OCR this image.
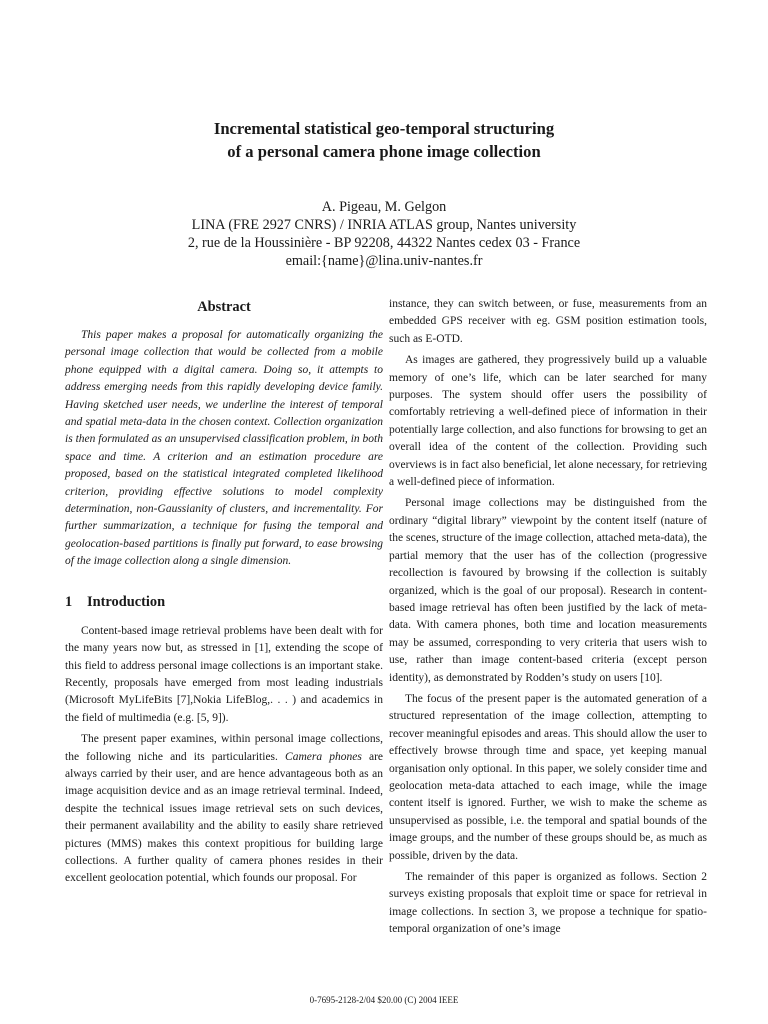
Incremental statistical geo-temporal structuring
of a personal camera phone image collection
A. Pigeau, M. Gelgon
LINA (FRE 2927 CNRS) / INRIA ATLAS group, Nantes university
2, rue de la Houssinière - BP 92208, 44322 Nantes cedex 03 - France
email:{name}@lina.univ-nantes.fr
Abstract

This paper makes a proposal for automatically organizing the personal image collection that would be collected from a mobile phone equipped with a digital camera. Doing so, it attempts to address emerging needs from this rapidly developing device family. Having sketched user needs, we underline the interest of temporal and spatial meta-data in the chosen context. Collection organization is then formulated as an unsupervised classification problem, in both space and time. A criterion and an estimation procedure are proposed, based on the statistical integrated completed likelihood criterion, providing effective solutions to model complexity determination, non-Gaussianity of clusters, and incrementality. For further summarization, a technique for fusing the temporal and geolocation-based partitions is finally put forward, to ease browsing of the image collection along a single dimension.

1 Introduction

Content-based image retrieval problems have been dealt with for the many years now but, as stressed in [1], extending the scope of this field to address personal image collections is an important stake. Recently, proposals have emerged from most leading industrials (Microsoft MyLifeBits [7],Nokia LifeBlog,. . . ) and academics in the field of multimedia (e.g. [5, 9]).

The present paper examines, within personal image collections, the following niche and its particularities. Camera phones are always carried by their user, and are hence advantageous both as an image acquisition device and as an image retrieval terminal. Indeed, despite the technical issues image retrieval sets on such devices, their permanent availability and the ability to easily share retrieved pictures (MMS) makes this context propitious for building large collections. A further quality of camera phones resides in their excellent geolocation potential, which founds our proposal. For

instance, they can switch between, or fuse, measurements from an embedded GPS receiver with eg. GSM position estimation tools, such as E-OTD.

As images are gathered, they progressively build up a valuable memory of one’s life, which can be later searched for many purposes. The system should offer users the possibility of comfortably retrieving a well-defined piece of information in their potentially large collection, and also functions for browsing to get an overall idea of the content of the collection. Providing such overviews is in fact also beneficial, let alone necessary, for retrieving a well-defined piece of information.

Personal image collections may be distinguished from the ordinary “digital library” viewpoint by the content itself (nature of the scenes, structure of the image collection, attached meta-data), the partial memory that the user has of the collection (progressive recollection is favoured by browsing if the collection is suitably organized, which is the goal of our proposal). Research in content-based image retrieval has often been justified by the lack of meta-data. With camera phones, both time and location measurements may be assumed, corresponding to very criteria that users wish to use, rather than image content-based criteria (except person identity), as demonstrated by Rodden’s study on users [10].

The focus of the present paper is the automated generation of a structured representation of the image collection, attempting to recover meaningful episodes and areas. This should allow the user to effectively browse through time and space, yet keeping manual organisation only optional. In this paper, we solely consider time and geolocation meta-data attached to each image, while the image content itself is ignored. Further, we wish to make the scheme as unsupervised as possible, i.e. the temporal and spatial bounds of the image groups, and the number of these groups should be, as much as possible, driven by the data.

The remainder of this paper is organized as follows. Section 2 surveys existing proposals that exploit time or space for retrieval in image collections. In section 3, we propose a technique for spatio-temporal organization of one’s image

0-7695-2128-2/04 $20.00 (C) 2004 IEEE
